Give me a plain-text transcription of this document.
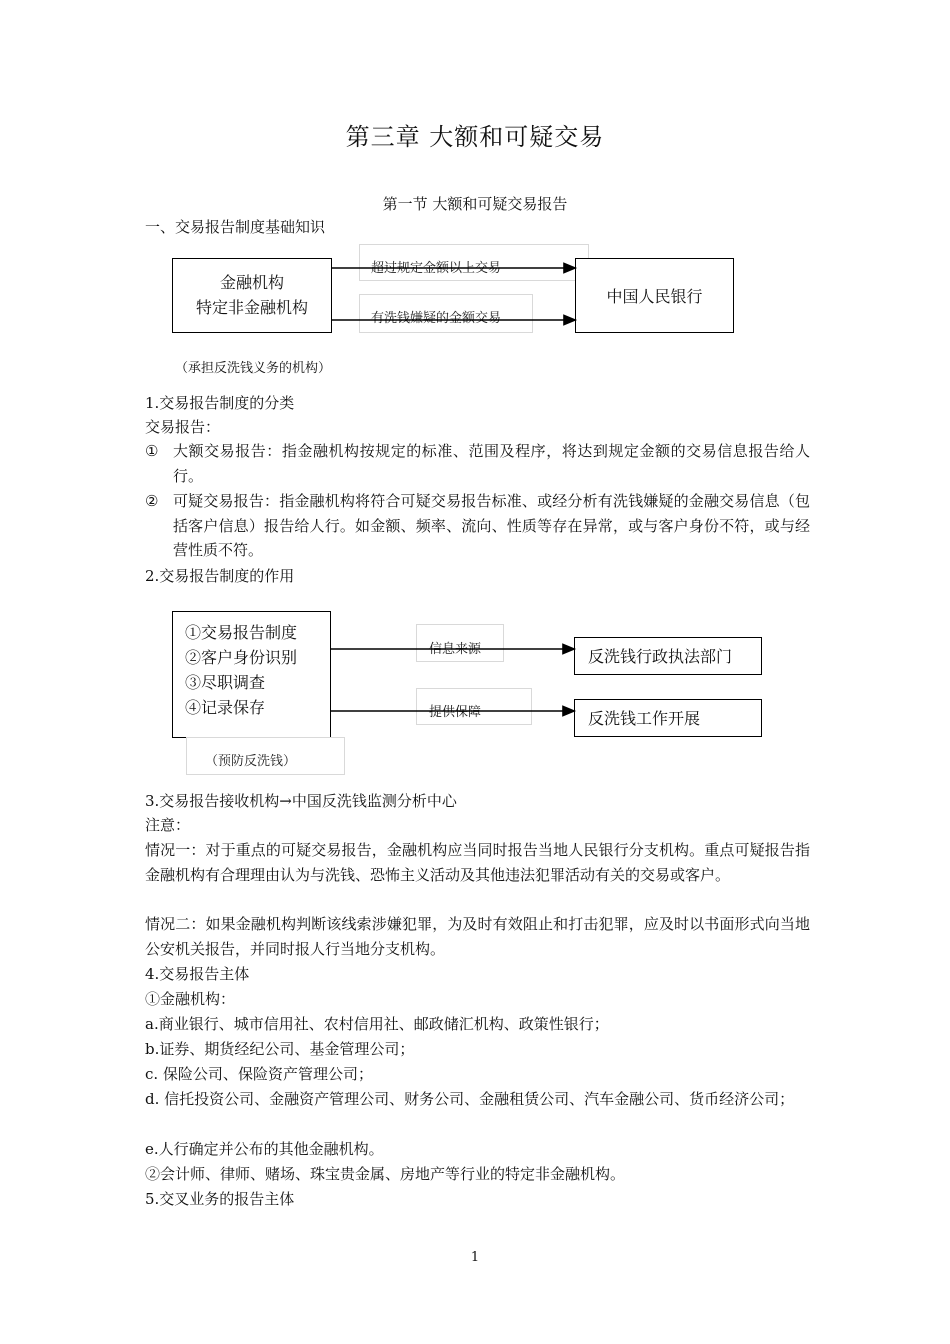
第三章 大额和可疑交易
第一节 大额和可疑交易报告
一、交易报告制度基础知识
金融机构
特定非金融机构
超过规定金额以上交易
有洗钱嫌疑的金额交易
中国人民银行
（承担反洗钱义务的机构）
1.交易报告制度的分类
交易报告：
① 大额交易报告：指金融机构按规定的标准、范围及程序，将达到规定金额的交易信息报告给人行。
② 可疑交易报告：指金融机构将符合可疑交易报告标准、或经分析有洗钱嫌疑的金融交易信息（包括客户信息）报告给人行。如金额、频率、流向、性质等存在异常，或与客户身份不符，或与经营性质不符。
2.交易报告制度的作用
①交易报告制度
②客户身份识别
③尽职调查
④记录保存
（预防反洗钱）
信息来源
提供保障
反洗钱行政执法部门
反洗钱工作开展
3.交易报告接收机构→中国反洗钱监测分析中心
注意：
情况一：对于重点的可疑交易报告，金融机构应当同时报告当地人民银行分支机构。重点可疑报告指金融机构有合理理由认为与洗钱、恐怖主义活动及其他违法犯罪活动有关的交易或客户。
情况二：如果金融机构判断该线索涉嫌犯罪，为及时有效阻止和打击犯罪，应及时以书面形式向当地公安机关报告，并同时报人行当地分支机构。
4.交易报告主体
①金融机构：
a.商业银行、城市信用社、农村信用社、邮政储汇机构、政策性银行；
b.证券、期货经纪公司、基金管理公司；
c. 保险公司、保险资产管理公司；
d. 信托投资公司、金融资产管理公司、财务公司、金融租赁公司、汽车金融公司、货币经济公司；
e.人行确定并公布的其他金融机构。
②会计师、律师、赌场、珠宝贵金属、房地产等行业的特定非金融机构。
5.交叉业务的报告主体
1
